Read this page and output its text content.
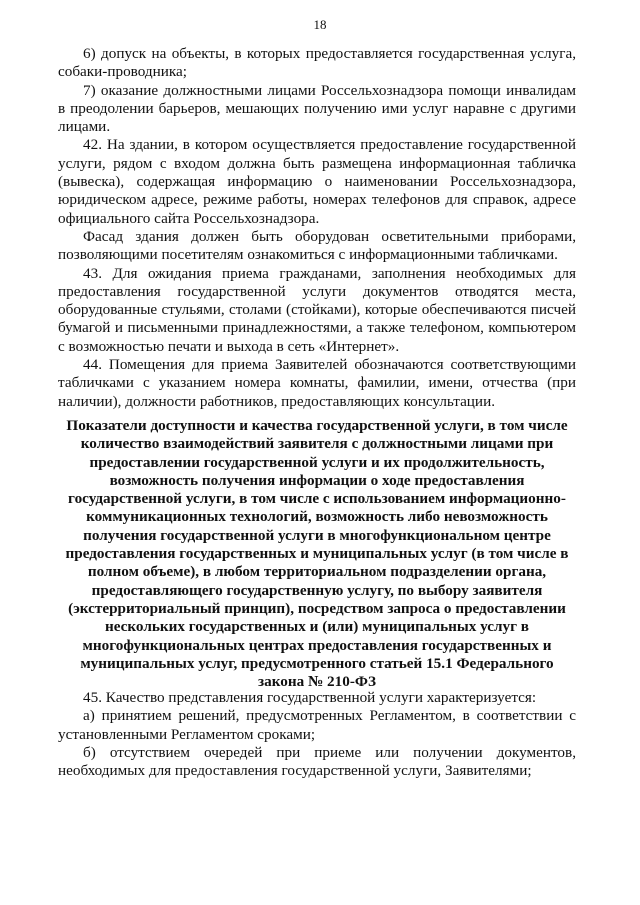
18

6) допуск на объекты, в которых предоставляется государственная услуга, собаки-проводника;

7) оказание должностными лицами Россельхознадзора помощи инвалидам в преодолении барьеров, мешающих получению ими услуг наравне с другими лицами.

42. На здании, в котором осуществляется предоставление государственной услуги, рядом с входом должна быть размещена информационная табличка (вывеска), содержащая информацию о наименовании Россельхознадзора, юридическом адресе, режиме работы, номерах телефонов для справок, адресе официального сайта Россельхознадзора.

Фасад здания должен быть оборудован осветительными приборами, позволяющими посетителям ознакомиться с информационными табличками.

43. Для ожидания приема гражданами, заполнения необходимых для предоставления государственной услуги документов отводятся места, оборудованные стульями, столами (стойками), которые обеспечиваются писчей бумагой и письменными принадлежностями, а также телефоном, компьютером с возможностью печати и выхода в сеть «Интернет».

44. Помещения для приема Заявителей обозначаются соответствующими табличками с указанием номера комнаты, фамилии, имени, отчества (при наличии), должности работников, предоставляющих консультации.

Показатели доступности и качества государственной услуги, в том числе количество взаимодействий заявителя с должностными лицами при предоставлении государственной услуги и их продолжительность, возможность получения информации о ходе предоставления государственной услуги, в том числе с использованием информационно-коммуникационных технологий, возможность либо невозможность получения государственной услуги в многофункциональном центре предоставления государственных и муниципальных услуг (в том числе в полном объеме), в любом территориальном подразделении органа, предоставляющего государственную услугу, по выбору заявителя (экстерриториальный принцип), посредством запроса о предоставлении нескольких государственных и (или) муниципальных услуг в многофункциональных центрах предоставления государственных и муниципальных услуг, предусмотренного статьей 15.1 Федерального закона № 210-ФЗ

45. Качество представления государственной услуги характеризуется:

а) принятием решений, предусмотренных Регламентом, в соответствии с установленными Регламентом сроками;

б) отсутствием очередей при приеме или получении документов, необходимых для предоставления государственной услуги, Заявителями;
